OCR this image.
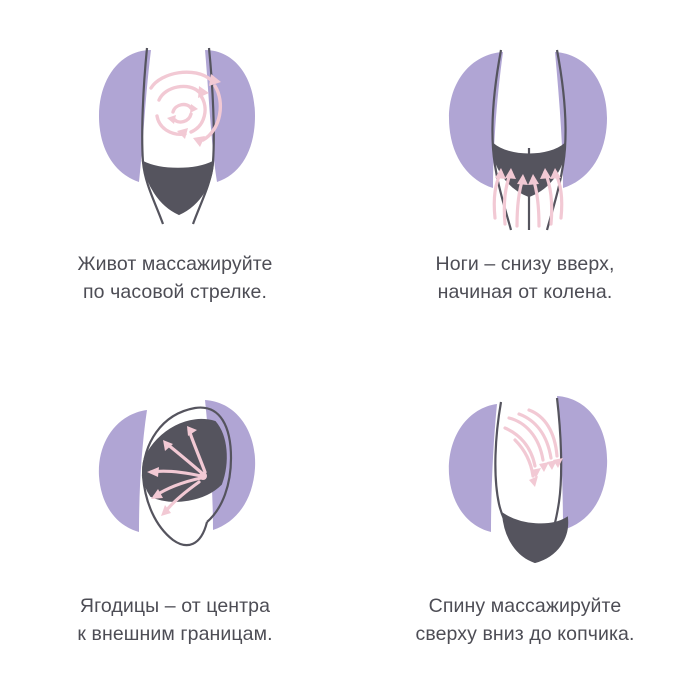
Живот массажируйте
по часовой стрелке.
Ноги – снизу вверх,
начиная от колена.
Ягодицы – от центра
к внешним границам.
Спину массажируйте
сверху вниз до копчика.
